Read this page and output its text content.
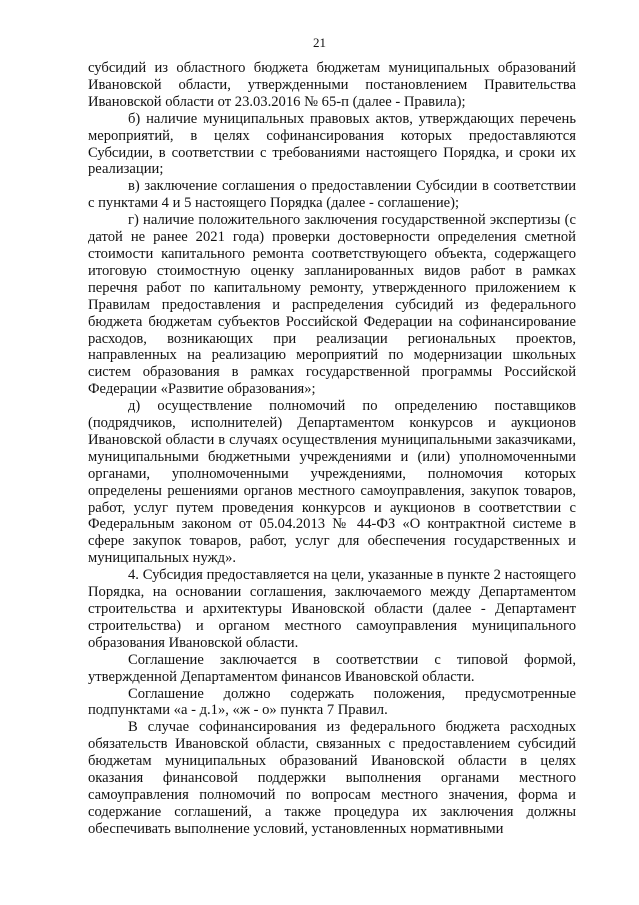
21

субсидий из областного бюджета бюджетам муниципальных образований Ивановской области, утвержденными постановлением Правительства Ивановской области от 23.03.2016 № 65-п (далее - Правила);

б) наличие муниципальных правовых актов, утверждающих перечень мероприятий, в целях софинансирования которых предоставляются Субсидии, в соответствии с требованиями настоящего Порядка, и сроки их реализации;

в) заключение соглашения о предоставлении Субсидии в соответствии с пунктами 4 и 5 настоящего Порядка (далее - соглашение);

г) наличие положительного заключения государственной экспертизы (с датой не ранее 2021 года) проверки достоверности определения сметной стоимости капитального ремонта соответствующего объекта, содержащего итоговую стоимостную оценку запланированных видов работ в рамках перечня работ по капитальному ремонту, утвержденного приложением к Правилам предоставления и распределения субсидий из федерального бюджета бюджетам субъектов Российской Федерации на софинансирование расходов, возникающих при реализации региональных проектов, направленных на реализацию мероприятий по модернизации школьных систем образования в рамках государственной программы Российской Федерации «Развитие образования»;

д) осуществление полномочий по определению поставщиков (подрядчиков, исполнителей) Департаментом конкурсов и аукционов Ивановской области в случаях осуществления муниципальными заказчиками, муниципальными бюджетными учреждениями и (или) уполномоченными органами, уполномоченными учреждениями, полномочия которых определены решениями органов местного самоуправления, закупок товаров, работ, услуг путем проведения конкурсов и аукционов в соответствии с Федеральным законом от 05.04.2013 № 44-ФЗ «О контрактной системе в сфере закупок товаров, работ, услуг для обеспечения государственных и муниципальных нужд».

4. Субсидия предоставляется на цели, указанные в пункте 2 настоящего Порядка, на основании соглашения, заключаемого между Департаментом строительства и архитектуры Ивановской области (далее - Департамент строительства) и органом местного самоуправления муниципального образования Ивановской области.

Соглашение заключается в соответствии с типовой формой, утвержденной Департаментом финансов Ивановской области.

Соглашение должно содержать положения, предусмотренные подпунктами «а - д.1», «ж - о» пункта 7 Правил.

В случае софинансирования из федерального бюджета расходных обязательств Ивановской области, связанных с предоставлением субсидий бюджетам муниципальных образований Ивановской области в целях оказания финансовой поддержки выполнения органами местного самоуправления полномочий по вопросам местного значения, форма и содержание соглашений, а также процедура их заключения должны обеспечивать выполнение условий, установленных нормативными
